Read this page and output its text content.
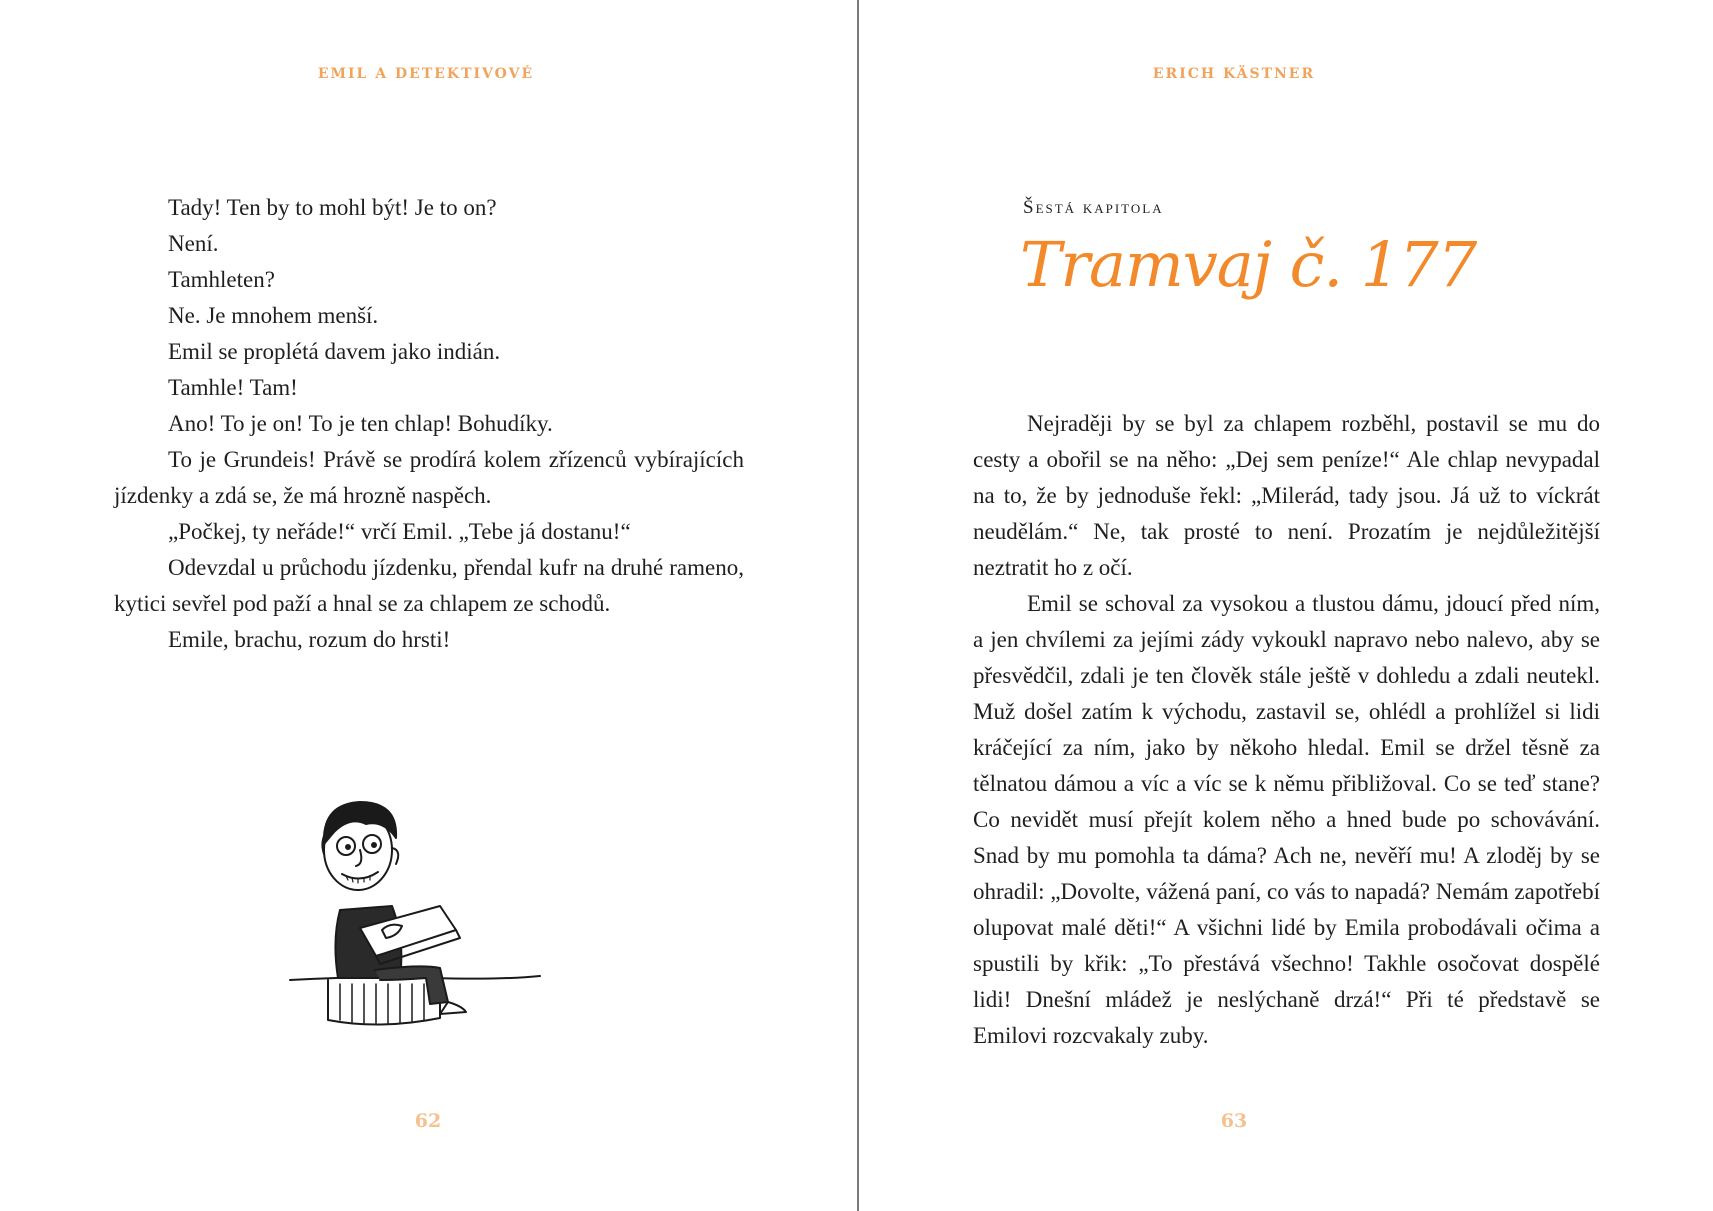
EMIL A DETEKTIVOVÉ

Tady! Ten by to mohl být! Je to on?

Není.

Tamhleten?

Ne. Je mnohem menší.

Emil se proplétá davem jako indián.

Tamhle! Tam!

Ano! To je on! To je ten chlap! Bohudíky.

To je Grundeis! Právě se prodírá kolem zřízenců vybírajících jízdenky a zdá se, že má hrozně naspěch.

„Počkej, ty neřáde!“ vrčí Emil. „Tebe já dostanu!“

Odevzdal u průchodu jízdenku, přendal kufr na druhé rameno, kytici sevřel pod paží a hnal se za chlapem ze schodů.

Emile, brachu, rozum do hrsti!

62
ERICH KÄSTNER
Šestá kapitola
Tramvaj č. 177

Nejraději by se byl za chlapem rozběhl, postavil se mu do cesty a obořil se na něho: „Dej sem peníze!“ Ale chlap nevypadal na to, že by jednoduše řekl: „Milerád, tady jsou. Já už to víckrát neudělám.“ Ne, tak prosté to není. Prozatím je nejdůležitější neztratit ho z očí.

Emil se schoval za vysokou a tlustou dámu, jdoucí před ním, a jen chvílemi za jejími zády vykoukl napravo nebo nalevo, aby se přesvědčil, zdali je ten člověk stále ještě v dohledu a zdali neutekl. Muž došel zatím k východu, zastavil se, ohlédl a prohlížel si lidi kráčející za ním, jako by někoho hledal. Emil se držel těsně za tělnatou dámou a víc a víc se k němu přibližoval. Co se teď stane? Co nevidět musí přejít kolem něho a hned bude po schovávání. Snad by mu pomohla ta dáma? Ach ne, nevěří mu! A zloděj by se ohradil: „Dovolte, vážená paní, co vás to napadá? Nemám zapotřebí olupovat malé děti!“ A všichni lidé by Emila probodávali očima a spustili by křik: „To přestává všechno! Takhle osočovat dospělé lidi! Dnešní mládež je neslýchaně drzá!“ Při té představě se Emilovi rozcvakaly zuby.

63
